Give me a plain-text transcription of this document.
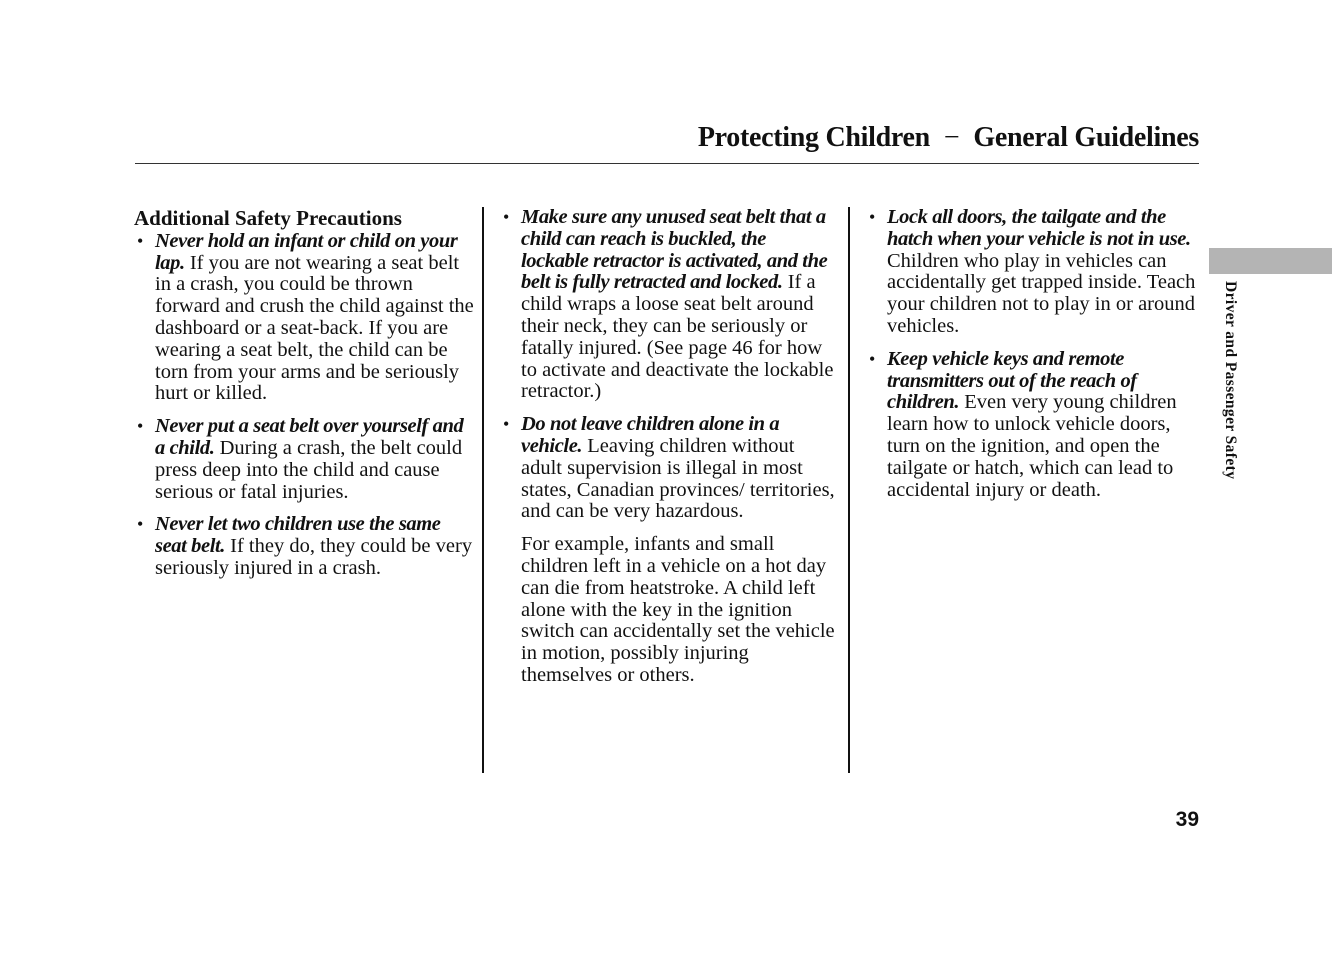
Protecting Children − General Guidelines
Additional Safety Precautions
• Never hold an infant or child on your lap. If you are not wearing a seat belt in a crash, you could be thrown forward and crush the child against the dashboard or a seat-back. If you are wearing a seat belt, the child can be torn from your arms and be seriously hurt or killed.
• Never put a seat belt over yourself and a child. During a crash, the belt could press deep into the child and cause serious or fatal injuries.
• Never let two children use the same seat belt. If they do, they could be very seriously injured in a crash.
• Make sure any unused seat belt that a child can reach is buckled, the lockable retractor is activated, and the belt is fully retracted and locked. If a child wraps a loose seat belt around their neck, they can be seriously or fatally injured. (See page 46 for how to activate and deactivate the lockable retractor.)
• Do not leave children alone in a vehicle. Leaving children without adult supervision is illegal in most states, Canadian provinces/ territories, and can be very hazardous.

For example, infants and small children left in a vehicle on a hot day can die from heatstroke. A child left alone with the key in the ignition switch can accidentally set the vehicle in motion, possibly injuring themselves or others.

• Lock all doors, the tailgate and the hatch when your vehicle is not in use. Children who play in vehicles can accidentally get trapped inside. Teach your children not to play in or around vehicles.
• Keep vehicle keys and remote transmitters out of the reach of children. Even very young children learn how to unlock vehicle doors, turn on the ignition, and open the tailgate or hatch, which can lead to accidental injury or death.
Driver and Passenger Safety
39
